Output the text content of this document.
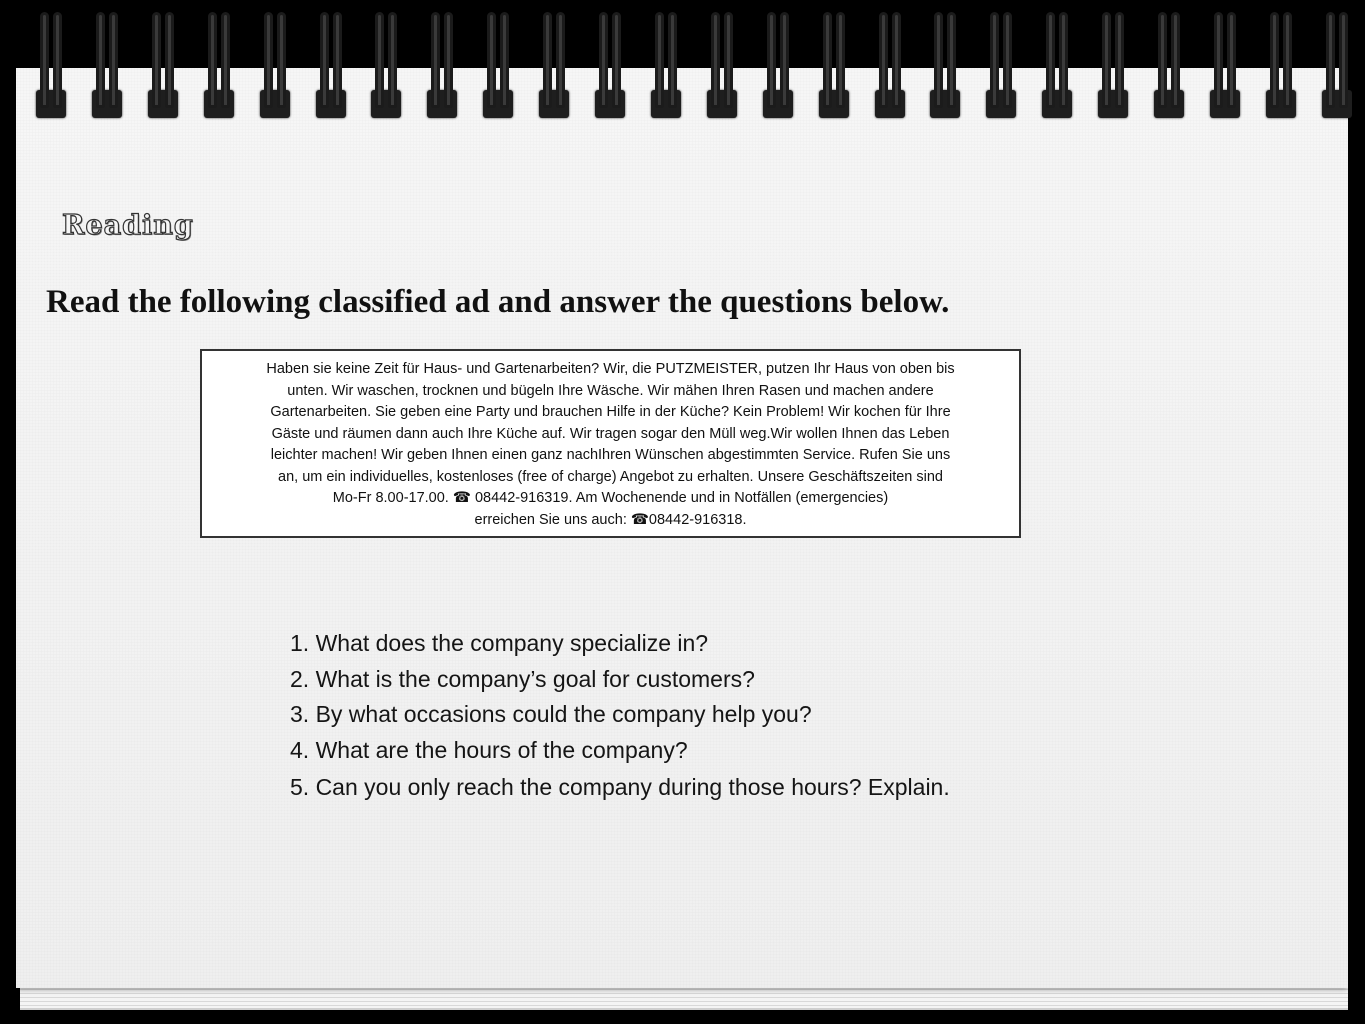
Reading
Read the following classified ad and answer the questions below.
Haben sie keine Zeit für Haus- und Gartenarbeiten? Wir, die PUTZMEISTER, putzen Ihr Haus von oben bis
unten. Wir waschen, trocknen und bügeln Ihre Wäsche. Wir mähen Ihren Rasen und machen andere
Gartenarbeiten. Sie geben eine Party und brauchen Hilfe in der Küche? Kein Problem! Wir kochen für Ihre
Gäste und räumen dann auch Ihre Küche auf. Wir tragen sogar den Müll weg.Wir wollen Ihnen das Leben
leichter machen! Wir geben Ihnen einen ganz nachIhren Wünschen abgestimmten Service. Rufen Sie uns
an, um ein individuelles, kostenloses (free of charge) Angebot zu erhalten. Unsere Geschäftszeiten sind
Mo-Fr 8.00-17.00. ☎ 08442-916319. Am Wochenende und in Notfällen (emergencies)
erreichen Sie uns auch: ☎08442-916318.
1. What does the company specialize in?
2. What is the company’s goal for customers?
3. By what occasions could the company help you?
4. What are the hours of the company?
5. Can you only reach the company during those hours? Explain.
